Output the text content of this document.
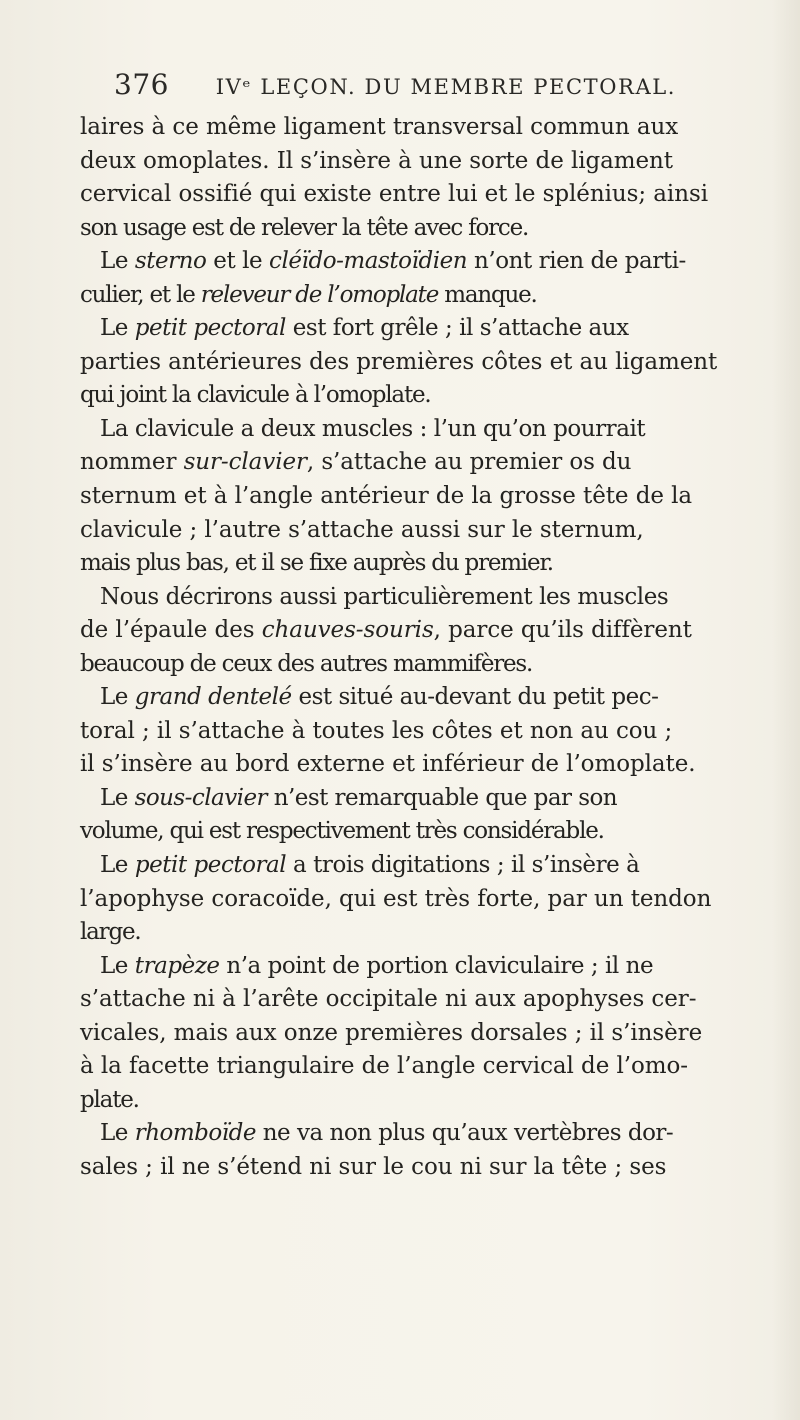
376 IVᵉ LEÇON. DU MEMBRE PECTORAL.
laires à ce même ligament transversal commun aux
deux omoplates. Il s’insère à une sorte de ligament
cervical ossifié qui existe entre lui et le splénius; ainsi
son usage est de relever la tête avec force.
Le sterno et le cléïdo-mastoïdien n’ont rien de parti-
culier, et le releveur de l’omoplate manque.
Le petit pectoral est fort grêle ; il s’attache aux
parties antérieures des premières côtes et au ligament
qui joint la clavicule à l’omoplate.
La clavicule a deux muscles : l’un qu’on pourrait
nommer sur-clavier, s’attache au premier os du
sternum et à l’angle antérieur de la grosse tête de la
clavicule ; l’autre s’attache aussi sur le sternum,
mais plus bas, et il se fixe auprès du premier.
Nous décrirons aussi particulièrement les muscles
de l’épaule des chauves-souris, parce qu’ils diffèrent
beaucoup de ceux des autres mammifères.
Le grand dentelé est situé au-devant du petit pec-
toral ; il s’attache à toutes les côtes et non au cou ;
il s’insère au bord externe et inférieur de l’omoplate.
Le sous-clavier n’est remarquable que par son
volume, qui est respectivement très considérable.
Le petit pectoral a trois digitations ; il s’insère à
l’apophyse coracoïde, qui est très forte, par un tendon
large.
Le trapèze n’a point de portion claviculaire ; il ne
s’attache ni à l’arête occipitale ni aux apophyses cer-
vicales, mais aux onze premières dorsales ; il s’insère
à la facette triangulaire de l’angle cervical de l’omo-
plate.
Le rhomboïde ne va non plus qu’aux vertèbres dor-
sales ; il ne s’étend ni sur le cou ni sur la tête ; ses
